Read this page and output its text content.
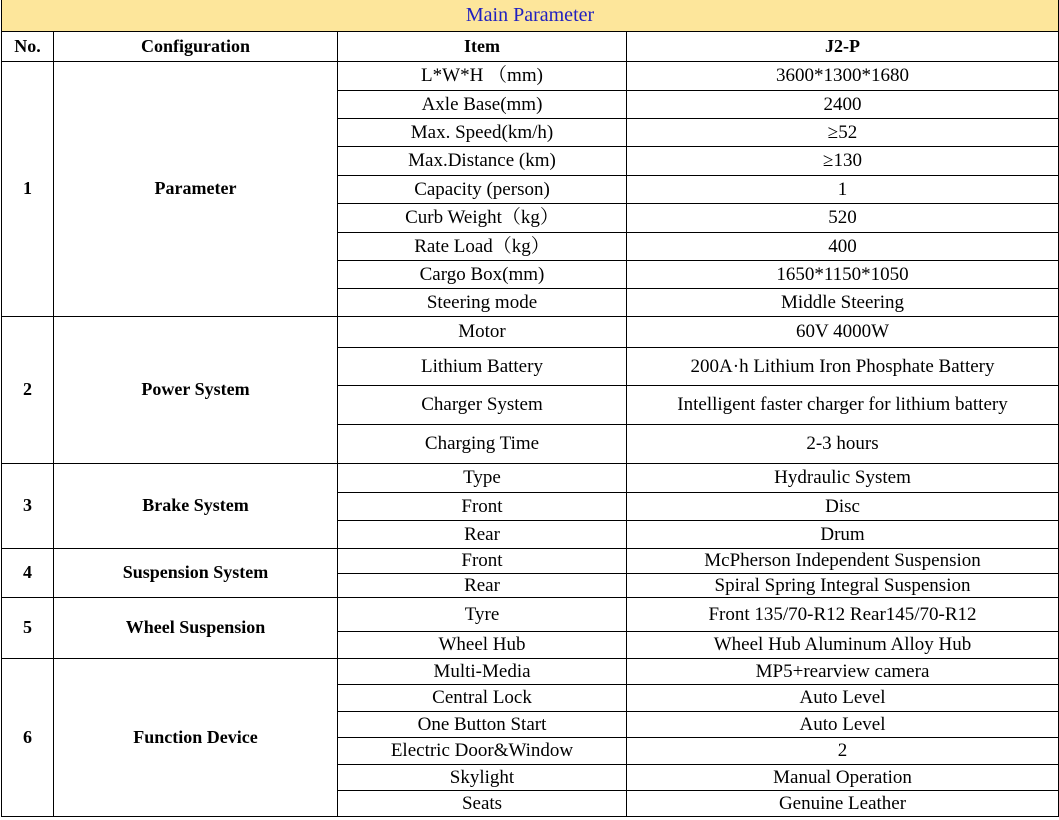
Main Parameter			
No.	Configuration	Item	J2-P
1	Parameter	L*W*H （mm)	3600*1300*1680
		Axle Base(mm)	2400
		Max. Speed(km/h)	≥52
		Max.Distance (km)	≥130
		Capacity (person)	1
		Curb Weight（kg）	520
		Rate Load（kg）	400
		Cargo Box(mm)	1650*1150*1050
		Steering mode	Middle Steering
2	Power System	Motor	60V 4000W
		Lithium Battery	200A·h Lithium Iron Phosphate Battery
		Charger System	Intelligent faster charger for lithium battery
		Charging Time	2-3 hours
3	Brake System	Type	Hydraulic System
		Front	Disc
		Rear	Drum
4	Suspension System	Front	McPherson Independent Suspension
		Rear	Spiral Spring Integral Suspension
5	Wheel Suspension	Tyre	Front 135/70-R12 Rear145/70-R12
		Wheel Hub	Wheel Hub Aluminum Alloy Hub
6	Function Device	Multi-Media	MP5+rearview camera
		Central Lock	Auto Level
		One Button Start	Auto Level
		Electric Door&Window	2
		Skylight	Manual Operation
		Seats	Genuine Leather
